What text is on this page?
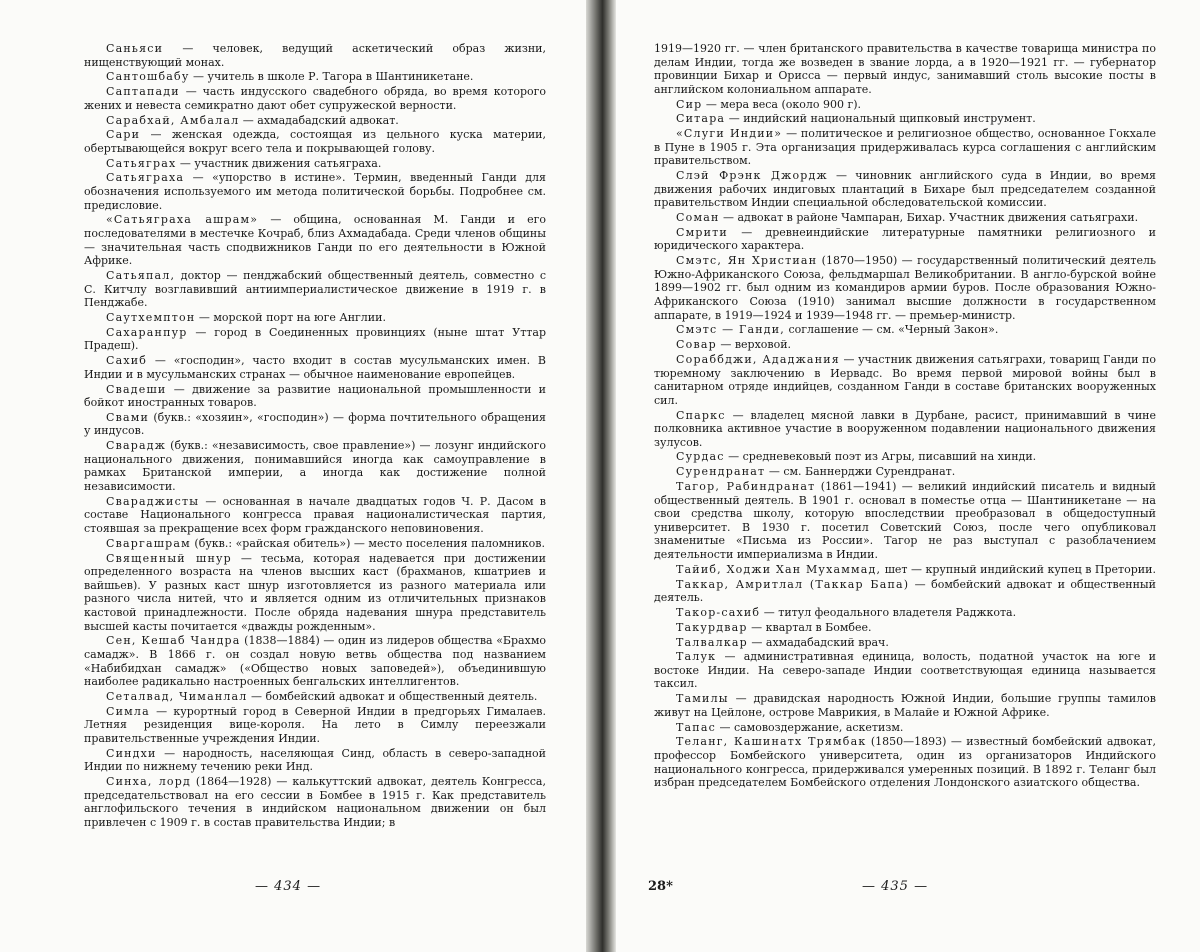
Саньяси — человек, ведущий аскетический образ жизни, нищенствующий монах.

Сантошбабу — учитель в школе Р. Тагора в Шантиникетане.

Саптапади — часть индусского свадебного обряда, во время которого жених и невеста семикратно дают обет супружеской верности.

Сарабхай, Амбалал — ахмадабадский адвокат.

Сари — женская одежда, состоящая из цельного куска материи, обертывающейся вокруг всего тела и покрывающей голову.

Сатьяграх — участник движения сатьяграха.

Сатьяграха — «упорство в истине». Термин, введенный Ганди для обозначения используемого им метода политической борьбы. Подробнее см. предисловие.

«Сатьяграха ашрам» — община, основанная М. Ганди и его последователями в местечке Кочраб, близ Ахмадабада. Среди членов общины — значительная часть сподвижников Ганди по его деятельности в Южной Африке.

Сатьяпал, доктор — пенджабский общественный деятель, совместно с С. Китчлу возглавивший антиимпериалистическое движение в 1919 г. в Пенджабе.

Саутхемптон — морской порт на юге Англии.

Сахаранпур — город в Соединенных провинциях (ныне штат Уттар Прадеш).

Сахиб — «господин», часто входит в состав мусульманских имен. В Индии и в мусульманских странах — обычное наименование европейцев.

Свадеши — движение за развитие национальной промышленности и бойкот иностранных товаров.

Свами (букв.: «хозяин», «господин») — форма почтительного обращения у индусов.

Сварадж (букв.: «независимость, свое правление») — лозунг индийского национального движения, понимавшийся иногда как самоуправление в рамках Британской империи, а иногда как достижение полной независимости.

Свараджисты — основанная в начале двадцатых годов Ч. Р. Дасом в составе Национального конгресса правая националистическая партия, стоявшая за прекращение всех форм гражданского неповиновения.

Сваргашрам (букв.: «райская обитель») — место поселения паломников.

Священный шнур — тесьма, которая надевается при достижении определенного возраста на членов высших каст (брахманов, кшатриев и вайшьев). У разных каст шнур изготовляется из разного материала или разного числа нитей, что и является одним из отличительных признаков кастовой принадлежности. После обряда надевания шнура представитель высшей касты почитается «дважды рожденным».

Сен, Кешаб Чандра (1838—1884) — один из лидеров общества «Брахмо самадж». В 1866 г. он создал новую ветвь общества под названием «Набибидхан самадж» («Общество новых заповедей»), объединившую наиболее радикально настроенных бенгальских интеллигентов.

Сеталвад, Чиманлал — бомбейский адвокат и общественный деятель.

Симла — курортный город в Северной Индии в предгорьях Гималаев. Летняя резиденция вице-короля. На лето в Симлу переезжали правительственные учреждения Индии.

Синдхи — народность, населяющая Синд, область в северо-западной Индии по нижнему течению реки Инд.

Синха, лорд (1864—1928) — калькуттский адвокат, деятель Конгресса, председательствовал на его сессии в Бомбее в 1915 г. Как представитель англофильского течения в индийском национальном движении он был привлечен с 1909 г. в состав правительства Индии; в

— 434 —

1919—1920 гг. — член британского правительства в качестве товарища министра по делам Индии, тогда же возведен в звание лорда, а в 1920—1921 гг. — губернатор провинции Бихар и Орисса — первый индус, занимавший столь высокие посты в английском колониальном аппарате.

Сир — мера веса (около 900 г).

Ситара — индийский национальный щипковый инструмент.

«Слуги Индии» — политическое и религиозное общество, основанное Гокхале в Пуне в 1905 г. Эта организация придерживалась курса соглашения с английским правительством.

Слэй Фрэнк Джордж — чиновник английского суда в Индии, во время движения рабочих индиговых плантаций в Бихаре был председателем созданной правительством Индии специальной обследовательской комиссии.

Соман — адвокат в районе Чампаран, Бихар. Участник движения сатьяграхи.

Смрити — древнеиндийские литературные памятники религиозного и юридического характера.

Смэтс, Ян Христиан (1870—1950) — государственный политический деятель Южно-Африканского Союза, фельдмаршал Великобритании. В англо-бурской войне 1899—1902 гг. был одним из командиров армии буров. После образования Южно-Африканского Союза (1910) занимал высшие должности в государственном аппарате, в 1919—1924 и 1939—1948 гг. — премьер-министр.

Смэтс — Ганди, соглашение — см. «Черный Закон».

Совар — верховой.

Сораббджи, Ададжания — участник движения сатьяграхи, товарищ Ганди по тюремному заключению в Иервадс. Во время первой мировой войны был в санитарном отряде индийцев, созданном Ганди в составе британских вооруженных сил.

Спаркс — владелец мясной лавки в Дурбане, расист, принимавший в чине полковника активное участие в вооруженном подавлении национального движения зулусов.

Сурдас — средневековый поэт из Агры, писавший на хинди.

Сурендранат — см. Баннерджи Сурендранат.

Тагор, Рабиндранат (1861—1941) — великий индийский писатель и видный общественный деятель. В 1901 г. основал в поместье отца — Шантиникетане — на свои средства школу, которую впоследствии преобразовал в общедоступный университет. В 1930 г. посетил Советский Союз, после чего опубликовал знаменитые «Письма из России». Тагор не раз выступал с разоблачением деятельности империализма в Индии.

Тайиб, Ходжи Хан Мухаммад, шет — крупный индийский купец в Претории.

Таккар, Амритлал (Таккар Бапа) — бомбейский адвокат и общественный деятель.

Такор-сахиб — титул феодального владетеля Раджкота.

Такурдвар — квартал в Бомбее.

Талвалкар — ахмадабадский врач.

Талук — административная единица, волость, податной участок на юге и востоке Индии. На северо-западе Индии соответствующая единица называется таксил.

Тамилы — дравидская народность Южной Индии, большие группы тамилов живут на Цейлоне, острове Маврикия, в Малайе и Южной Африке.

Тапас — самовоздержание, аскетизм.

Теланг, Кашинатх Трямбак (1850—1893) — известный бомбейский адвокат, профессор Бомбейского университета, один из организаторов Индийского национального конгресса, придерживался умеренных позиций. В 1892 г. Теланг был избран председателем Бомбейского отделения Лондонского азиатского общества.

28*	— 435 —
